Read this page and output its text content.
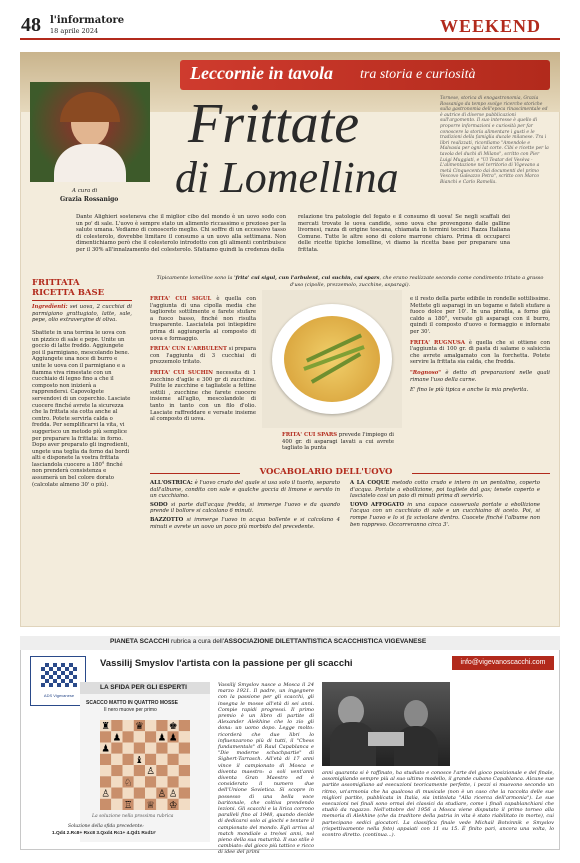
48 l'informatore
18 aprile 2024	WEEKEND
Leccornie in tavola tra storia e curiosità
A cura di
Grazia Rossanigo
Frittate
di Lomellina
Tornese, storica di enogastronomia, Grazia Rossanigo da tempo svolge ricerche storiche sulla gastronomia dell'epoca rinascimentale ed è autrice di diverse pubblicazioni sull'argomento. Il suo interesse è quello di proporre informazioni e curiosità per far conoscere la storia alimentare i gusti e le tradizioni della famiglia ducale milanese. Tra i libri realizzati, ricordiamo "Amendole e Malvasia per ogni lat corte. Cibi e ricette per la tavola del duchi di Milano", scritto con Pier Luigi Muggiati, e "Ul Teatar del Vesèva - L'alimentazione nel territorio di Vigevano a metà Cinquecento dai documenti del primo Vescovo Galeazzo Petra", scritto con Marco Bianchi e Carlo Ramella.
Dante Alighieri sosteneva che il miglior cibo del mondo è un uovo sodo con un po' di sale. L'uovo è sempre stato un alimento riccassimo e prezioso per la salute umana. Vediamo di conoscerlo meglio. Chi soffre di un eccessivo tasso di colesterolo, dovrebbe limitare il consumo a un uovo alla settimana. Non dimentichiamo però che il colesterolo introdotto con gli alimenti contribuisce per il 30% all'innalzamento del colesterolo. Sfatiamo quindi la credenza della
relazione tra patologie del fegato e il consumo di uova! Se negli scaffali dei mercati trovate le uova candide, sono uova che provengono dalle galline livornesi, razza di origine toscana, chiamata in termini tecnici Razza Italiana Comune. Tutte le altre sono di colore marrone chiaro. Prima di occuparci delle ricette tipiche lomelline, vi diamo la ricetta base per preparare una frittata.
FRITTATA
RICETTA BASE
Ingredienti: sei uova, 2 cucchiai di parmigiano grattugiato, latte, sale, pepe, olio extravergine di oliva.
Sbattete in una terrina le uova con un pizzico di sale e pepe. Unite un goccio di latte freddo. Aggiungete poi il parmigiano, mescolando bene. Aggiungete una noce di burro e unite le uova con il parmigiano e a fiamma viva rimestate con un cucchiaio di legno fino a che il composto non inizierà a rapprendersi. Capovolgete servendovi di un coperchio. Lasciate cuocere finché avrete la sicurezza che la frittata sia cotta anche al centro. Potete servirla calda o fredda. Per semplificarvi la vita, vi suggerisco un metodo più semplice per preparare la frittata: in forno. Dopo aver preparato gli ingredienti, ungete una teglia da forno dai bordi alti e disponete la vostra frittata lasciandola cuocere a 180° finché non prenderà consistenza e assumerà un bel colore dorato (calcolate almeno 30' o più).
Tipicamente lomelline sono la 'frita' cui sigul, cun l'arbulent, cui suchin, cui spars, che erano realizzate secondo come condimento tritato a grasso d'uso (cipolle, prezzemolo, zucchine, asparagi).

FRITA' CUI SIGUL è quella con l'aggiunta di una cipolla media che tagliorete sottilmente e farete stufare a fuoco basso, finché non risulta trasparente. Lasciatela poi intiepidire prima di aggiungerla al composto di uova e formaggio.

FRITA' CUN L'ARBULENT si prepara con l'aggiunta di 3 cucchiai di prezzemolo tritato.

FRITA' CUI SUCHIN necessita di 1 zucchino d'agile e 300 gr di zucchine. Pulite le zucchine e tagliatele a fettine sottili , zucchine che farete cuocere insieme all'aglio, mescolandole di tanto in tanto con un filo d'olio. Lasciate raffreddare e versate insieme al composto di uova.

FRITA' CUI SPARS prevede l'impiego di 400 gr. di asparagi lavati a cui avrete tagliato la punta

e il resto della parte edibile in rondelle sottilissime. Mettete gli asparagi in un tegame e fateli stufare a fuoco dolce per 10'. In una pirofila, a forno già caldo a 180°, versate gli asparagi con il burro, quindi il composto d'uovo e formaggio e infornate per 30'.

FRITA' RUGNUSA è quella che si ottiene con l'aggiunta di 100 gr. di pasta di salame o salsiccia che avrete amalgamato con la forchetta. Potete servire la frittata sia calda, che fredda.

"Rognoso" è detto di preparazioni nelle quali rimane l'uso della carne.

E' fino le più tipica e anche la mia preferita.

VOCABOLARIO DELL'UOVO

ALL'OSTRICA: è l'uovo crudo del quale si usa solo il tuorlo, separato dall'albume, condito con sale e qualche goccia di limone e servito in un cucchiaino.

SODO si parte dall'acqua fredda, si immerge l'uovo e da quando prende il bollore si calcolano 6 minuti.

BAZZOTTO si immerge l'uovo in acqua bollente e si calcolano 4 minuti e avrete un uovo un poco più morbido del precedente.

A LA COQUE metodo cotto crudo e intero in un pentolino, coperto d'acqua. Portate a ebollizione, poi togliete dal gas; tenete coperto e lasciatelo così un paio di minuti prima di servirlo.

UOVO AFFOGATO in una capace casseruola portate a ebollizione l'acqua con un cucchiaio di sale e un cucchiaino di aceto. Poi, si rompe l'uovo e lo si fa scivolare dentro. Cuocete finché l'albume non ben rappreso. Occorreranno circa 3'.

PIANETA SCACCHI rubrica a cura dell'ASSOCIAZIONE DILETTANTISTICA SCACCHISTICA VIGEVANESE
ADS Vigevanese
Vassilij Smyslov l'artista con la passione per gli scacchi	info@vigevanoscacchi.com
LA SFIDA PER GLI ESPERTI
SCACCO MATTO IN QUATTRO MOSSE
Il nero muove per primo
La soluzione nella prossima rubrica
Soluzione della sfida precedente:
1.Qd4 2.Rc8+ Rxc8 3.Qxd4 Rc1+ 4.Qd1 Rxd1#
Vassilij Smyslov nasce a Mosca il 24 marzo 1921. Il padre, un ingegnere con la passione per gli scacchi, gli insegna le mosse all'età di sei anni. Compie rapidi progressi. Il primo premio è un libro di partite di Alexander Alekhine che lo zio gli dona: un uomo dopo. Legge molto: ricorderà che due libri lo influenzarono più di tutti, il "Chess fundamentals" di Raul Capablanca e "Die moderne schachpartie" di Sigbert-Tarrasch. All'età di 17 anni vince il campionato di Mosca e diventa maestro: a soli vent'anni diventa Gran Maestro ed è considerato il numero due dell'Unione Sovietica. Si scopre in possesso di una bella voce baritonale, che coltiva prendendo lezioni. Gli scacchi e la lirica corrono paralleli fino al 1948, quando decide di dedicarsi solo ai giochi e tentare il campionato del mondo. Egli arriva al match mondiale a tre/sei anni, nel pieno della sua maturità. Il suo stile è cambiato: dal gioco più tattico e ricco di idee del primi
anni quaranta si è raffinato, ha studiato e conosce l'arte del gioco posizionale e del finale, assomigliando sempre più al suo ultimo modello, il grande cubano Capablanca. Alcune sue partite assomigliano ad esecuzioni teoricamente perfette, i pezzi si muovono secondo un ritmo, un'armonia che ha qualcosa di musicale (non è un caso che la raccolta delle sue migliori partite, pubblicata in Italia, sia intitolata "Alla ricerca dell'armonia"). Le sue esecuzioni nei finali sono ormai dei classici da studiare, come i finali capablanchiani che studiò da ragazzo. Nell'ottobre del 1956 a Mosca viene disputato il primo torneo alla memoria di Alekhine (che da traditore della patria in vita è stato riabilitato in morte), cui partecipano sedici giocatori. La classifica finale vede Michail Botvinnik e Smyslov (rispettivamente nella foto) appaiati con 11 su 15. È finito pari, ancora una volta, lo scontro diretto. (continua...).
